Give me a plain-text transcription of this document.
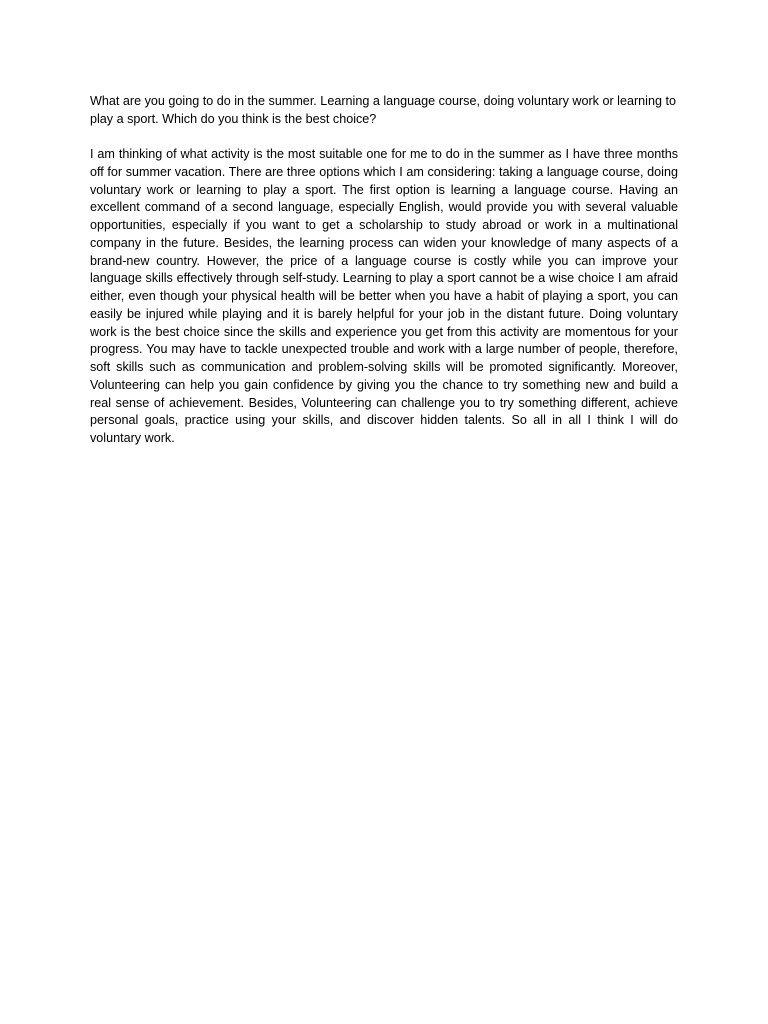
What are you going to do in the summer. Learning a language course, doing voluntary work or learning to play a sport. Which do you think is the best choice?

I am thinking of what activity is the most suitable one for me to do in the summer as I have three months off for summer vacation. There are three options which I am considering: taking a language course, doing voluntary work or learning to play a sport. The first option is learning a language course. Having an excellent command of a second language, especially English, would provide you with several valuable opportunities, especially if you want to get a scholarship to study abroad or work in a multinational company in the future. Besides, the learning process can widen your knowledge of many aspects of a brand-new country. However, the price of a language course is costly while you can improve your language skills effectively through self-study. Learning to play a sport cannot be a wise choice I am afraid either, even though your physical health will be better when you have a habit of playing a sport, you can easily be injured while playing and it is barely helpful for your job in the distant future. Doing voluntary work is the best choice since the skills and experience you get from this activity are momentous for your progress. You may have to tackle unexpected trouble and work with a large number of people, therefore, soft skills such as communication and problem-solving skills will be promoted significantly. Moreover, Volunteering can help you gain confidence by giving you the chance to try something new and build a real sense of achievement. Besides, Volunteering can challenge you to try something different, achieve personal goals, practice using your skills, and discover hidden talents. So all in all I think I will do voluntary work.
